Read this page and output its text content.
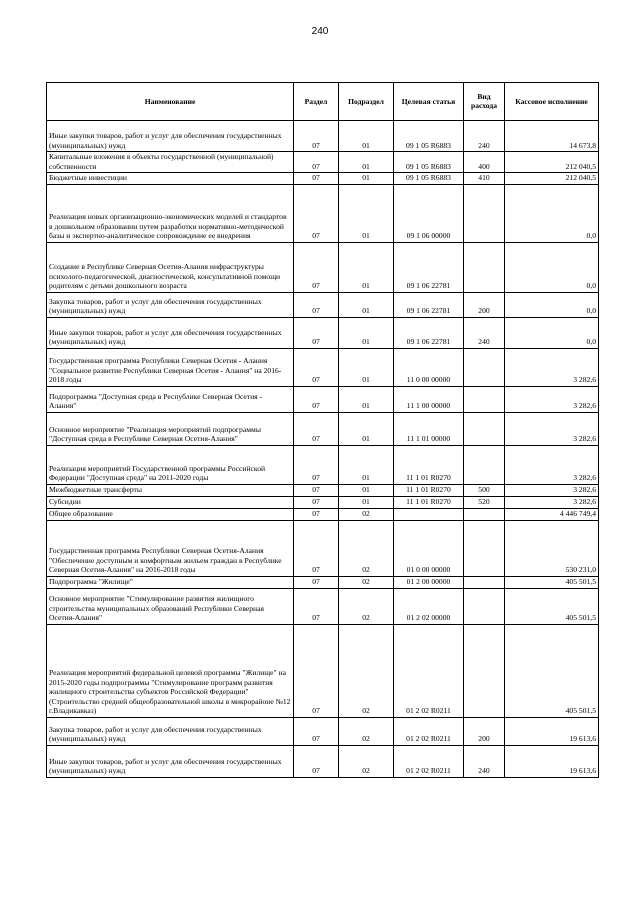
240
Наименование	Раздел	Подраздел	Целевая статья	Вид расхода	Кассовое исполнение
Иные закупки товаров, работ и услуг для обеспечения государственных (муниципальных) нужд	07	01	09 1 05 R6883	240	14 673,8
Капитальные вложения в объекты государственной (муниципальной) собственности	07	01	09 1 05 R6883	400	212 040,5
Бюджетные инвестиции	07	01	09 1 05 R6883	410	212 040,5
Реализация новых организационно-экономических моделей и стандартов в дошкольном образовании путем разработки нормативно-методической базы и экспертно-аналитическое сопровождение ее внедрения	07	01	09 1 06 00000		0,0
Создание в Республике Северная Осетия-Алания инфраструктуры психолого-педагогической, диагностической, консультативной помощи родителям с детьми дошкольного возраста	07	01	09 1 06 22781		0,0
Закупка товаров, работ и услуг для обеспечения государственных (муниципальных) нужд	07	01	09 1 06 22781	200	0,0
Иные закупки товаров, работ и услуг для обеспечения государственных (муниципальных) нужд	07	01	09 1 06 22781	240	0,0
Государственная программа Республики Северная Осетия - Алания "Социальное развитие Республики Северная Осетия - Алания" на 2016-2018 годы	07	01	11 0 00 00000		3 282,6
Подпрограмма "Доступная среда в Республике Северная Осетия - Алания"	07	01	11 1 00 00000		3 282,6
Основное мероприятие "Реализация мероприятий подпрограммы "Доступная среда в Республике Северная Осетия-Алания"	07	01	11 1 01 00000		3 282,6
Реализация мероприятий Государственной программы Российской Федерации "Доступная среда" на 2011-2020 годы	07	01	11 1 01 R0270		3 282,6
Межбюджетные трансферты	07	01	11 1 01 R0270	500	3 282,6
Субсидии	07	01	11 1 01 R0270	520	3 282,6
Общее образование	07	02			4 446 749,4
Государственная программа Республики Северная Осетия-Алания "Обеспечение доступным и комфортным жильем граждан в Республике Северная Осетия-Алания" на 2016-2018 годы	07	02	01 0 00 00000		530 231,0
Подпрограмма "Жилище"	07	02	01 2 00 00000		405 501,5
Основное мероприятие "Стимулирование развития жилищного строительства муниципальных образований Республики Северная Осетия-Алания"	07	02	01 2 02 00000		405 501,5
Реализация мероприятий федеральной целевой программы "Жилище" на 2015-2020 годы подпрограммы "Стимулирование программ развития жилищного строительства субъектов Российской Федерации" (Строительство средней общеобразовательной школы в микрорайоне №12 г.Владикавказ)	07	02	01 2 02 R0211		405 501,5
Закупка товаров, работ и услуг для обеспечения государственных (муниципальных) нужд	07	02	01 2 02 R0211	200	19 613,6
Иные закупки товаров, работ и услуг для обеспечения государственных (муниципальных) нужд	07	02	01 2 02 R0211	240	19 613,6
